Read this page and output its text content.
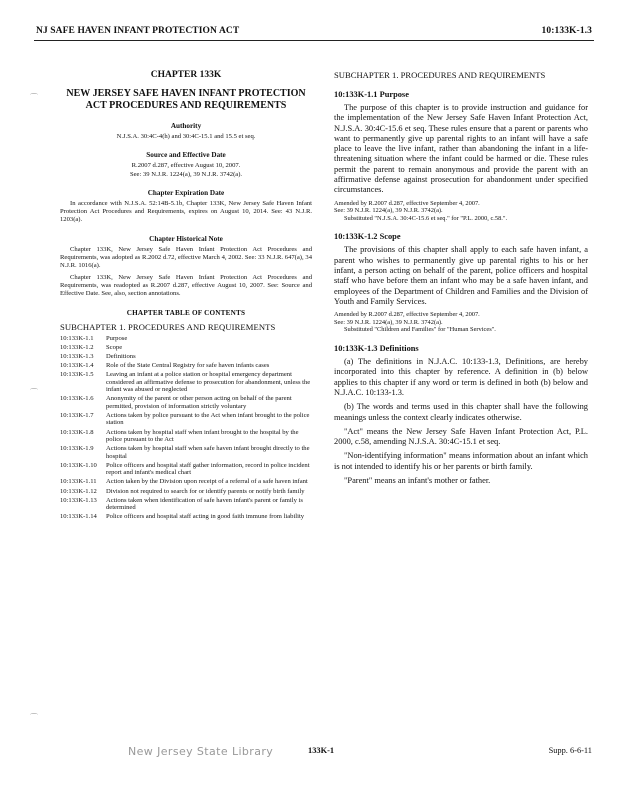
NJ SAFE HAVEN INFANT PROTECTION ACT	10:133K-1.3
⌒
⌒
⌒
CHAPTER 133K
NEW JERSEY SAFE HAVEN INFANT PROTECTION ACT PROCEDURES AND REQUIREMENTS
Authority
N.J.S.A. 30:4C-4(h) and 30:4C-15.1 and 15.5 et seq.
Source and Effective Date
R.2007 d.287, effective August 10, 2007.
See: 39 N.J.R. 1224(a), 39 N.J.R. 3742(a).
Chapter Expiration Date
In accordance with N.J.S.A. 52:14B-5.1b, Chapter 133K, New Jersey Safe Haven Infant Protection Act Procedures and Requirements, expires on August 10, 2014. See: 43 N.J.R. 1203(a).
Chapter Historical Note
Chapter 133K, New Jersey Safe Haven Infant Protection Act Procedures and Requirements, was adopted as R.2002 d.72, effective March 4, 2002. See: 33 N.J.R. 647(a), 34 N.J.R. 1016(a).
Chapter 133K, New Jersey Safe Haven Infant Protection Act Procedures and Requirements, was readopted as R.2007 d.287, effective August 10, 2007. See: Source and Effective Date. See, also, section annotations.
CHAPTER TABLE OF CONTENTS
SUBCHAPTER 1. PROCEDURES AND REQUIREMENTS
10:133K-1.1	Purpose
10:133K-1.2	Scope
10:133K-1.3	Definitions
10:133K-1.4	Role of the State Central Registry for safe haven infants cases
10:133K-1.5	Leaving an infant at a police station or hospital emergency department considered an affirmative defense to prosecution for abandonment, unless the infant was abused or neglected
10:133K-1.6	Anonymity of the parent or other person acting on behalf of the parent permitted, provision of information strictly voluntary
10:133K-1.7	Actions taken by police pursuant to the Act when infant brought to the police station
10:133K-1.8	Actions taken by hospital staff when infant brought to the hospital by the police pursuant to the Act
10:133K-1.9	Actions taken by hospital staff when safe haven infant brought directly to the hospital
10:133K-1.10	Police officers and hospital staff gather information, record in police incident report and infant's medical chart
10:133K-1.11	Action taken by the Division upon receipt of a referral of a safe haven infant
10:133K-1.12	Division not required to search for or identify parents or notify birth family
10:133K-1.13	Actions taken when identification of safe haven infant's parent or family is determined
10:133K-1.14	Police officers and hospital staff acting in good faith immune from liability
SUBCHAPTER 1. PROCEDURES AND REQUIREMENTS
10:133K-1.1 Purpose
The purpose of this chapter is to provide instruction and guidance for the implementation of the New Jersey Safe Haven Infant Protection Act, N.J.S.A. 30:4C-15.6 et seq. These rules ensure that a parent or parents who want to permanently give up parental rights to an infant will have a safe place to leave the live infant, rather than abandoning the infant in a life-threatening situation where the infant could be harmed or die. These rules permit the parent to remain anonymous and provide the parent with an affirmative defense against prosecution for abandonment under specified circumstances.
Amended by R.2007 d.287, effective September 4, 2007.
See: 39 N.J.R. 1224(a), 39 N.J.R. 3742(a).

Substituted "N.J.S.A. 30:4C-15.6 et seq." for "P.L. 2000, c.58.".
10:133K-1.2 Scope
The provisions of this chapter shall apply to each safe haven infant, a parent who wishes to permanently give up parental rights to his or her infant, a person acting on behalf of the parent, police officers and hospital staff who have before them an infant who may be a safe haven infant, and employees of the Department of Children and Families and the Division of Youth and Family Services.
Amended by R.2007 d.287, effective September 4, 2007.
See: 39 N.J.R. 1224(a), 39 N.J.R. 3742(a).

Substituted "Children and Families" for "Human Services".
10:133K-1.3 Definitions
(a) The definitions in N.J.A.C. 10:133-1.3, Definitions, are hereby incorporated into this chapter by reference. A definition in (b) below applies to this chapter if any word or term is defined in both (b) below and N.J.A.C. 10:133-1.3.
(b) The words and terms used in this chapter shall have the following meanings unless the context clearly indicates otherwise.
"Act" means the New Jersey Safe Haven Infant Protection Act, P.L. 2000, c.58, amending N.J.S.A. 30:4C-15.1 et seq.
"Non-identifying information" means information about an infant which is not intended to identify his or her parents or birth family.
"Parent" means an infant's mother or father.
New Jersey State Library	133K-1	Supp. 6-6-11
